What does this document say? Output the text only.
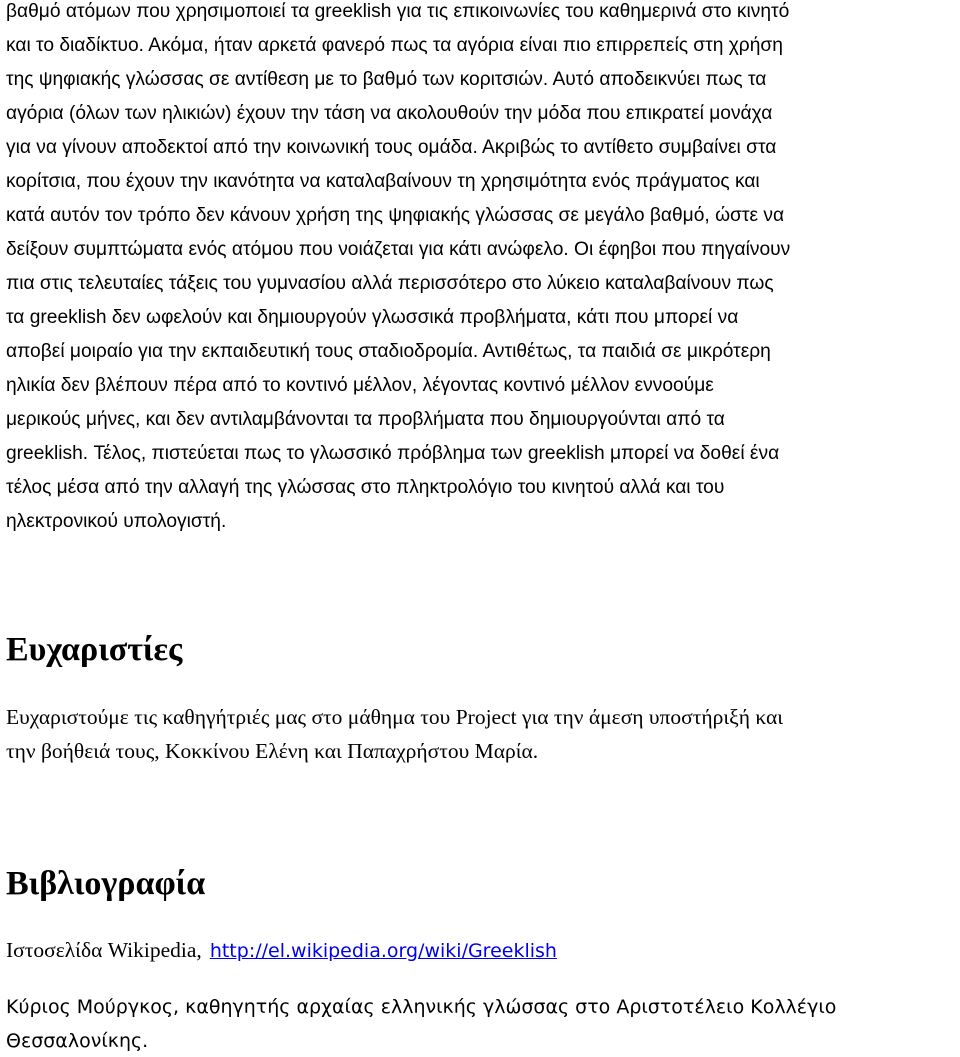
βαθμό ατόμων που χρησιμοποιεί τα greeklish για τις επικοινωνίες του καθημερινά στο κινητό
και το διαδίκτυο. Ακόμα, ήταν αρκετά φανερό πως τα αγόρια είναι πιο επιρρεπείς στη χρήση
της ψηφιακής γλώσσας σε αντίθεση με το βαθμό των κοριτσιών. Αυτό αποδεικνύει πως τα
αγόρια (όλων των ηλικιών) έχουν την τάση να ακολουθούν την μόδα που επικρατεί μονάχα
για να γίνουν αποδεκτοί από την κοινωνική τους ομάδα. Ακριβώς το αντίθετο συμβαίνει στα
κορίτσια, που έχουν την ικανότητα να καταλαβαίνουν τη χρησιμότητα ενός πράγματος και
κατά αυτόν τον τρόπο δεν κάνουν χρήση της ψηφιακής γλώσσας σε μεγάλο βαθμό, ώστε να
δείξουν συμπτώματα ενός ατόμου που νοιάζεται για κάτι ανώφελο. Οι έφηβοι που πηγαίνουν
πια στις τελευταίες τάξεις του γυμνασίου αλλά περισσότερο στο λύκειο καταλαβαίνουν πως
τα greeklish δεν ωφελούν και δημιουργούν γλωσσικά προβλήματα, κάτι που μπορεί να
αποβεί μοιραίο για την εκπαιδευτική τους σταδιοδρομία. Αντιθέτως, τα παιδιά σε μικρότερη
ηλικία δεν βλέπουν πέρα από το κοντινό μέλλον, λέγοντας κοντινό μέλλον εννοούμε
μερικούς μήνες, και δεν αντιλαμβάνονται τα προβλήματα που δημιουργούνται από τα
greeklish. Τέλος, πιστεύεται πως το γλωσσικό πρόβλημα των greeklish μπορεί να δοθεί ένα
τέλος μέσα από την αλλαγή της γλώσσας στο πληκτρολόγιο του κινητού αλλά και του
ηλεκτρονικού υπολογιστή.
Ευχαριστίες
Ευχαριστούμε τις καθηγήτριές μας στο μάθημα του Project για την άμεση υποστήριξή και
την βοήθειά τους, Κοκκίνου Ελένη και Παπαχρήστου Μαρία.
Βιβλιογραφία
Ιστοσελίδα Wikipedia, http://el.wikipedia.org/wiki/Greeklish
Κύριος Μούργκος, καθηγητής αρχαίας ελληνικής γλώσσας στο Αριστοτέλειο Κολλέγιο
Θεσσαλονίκης.
